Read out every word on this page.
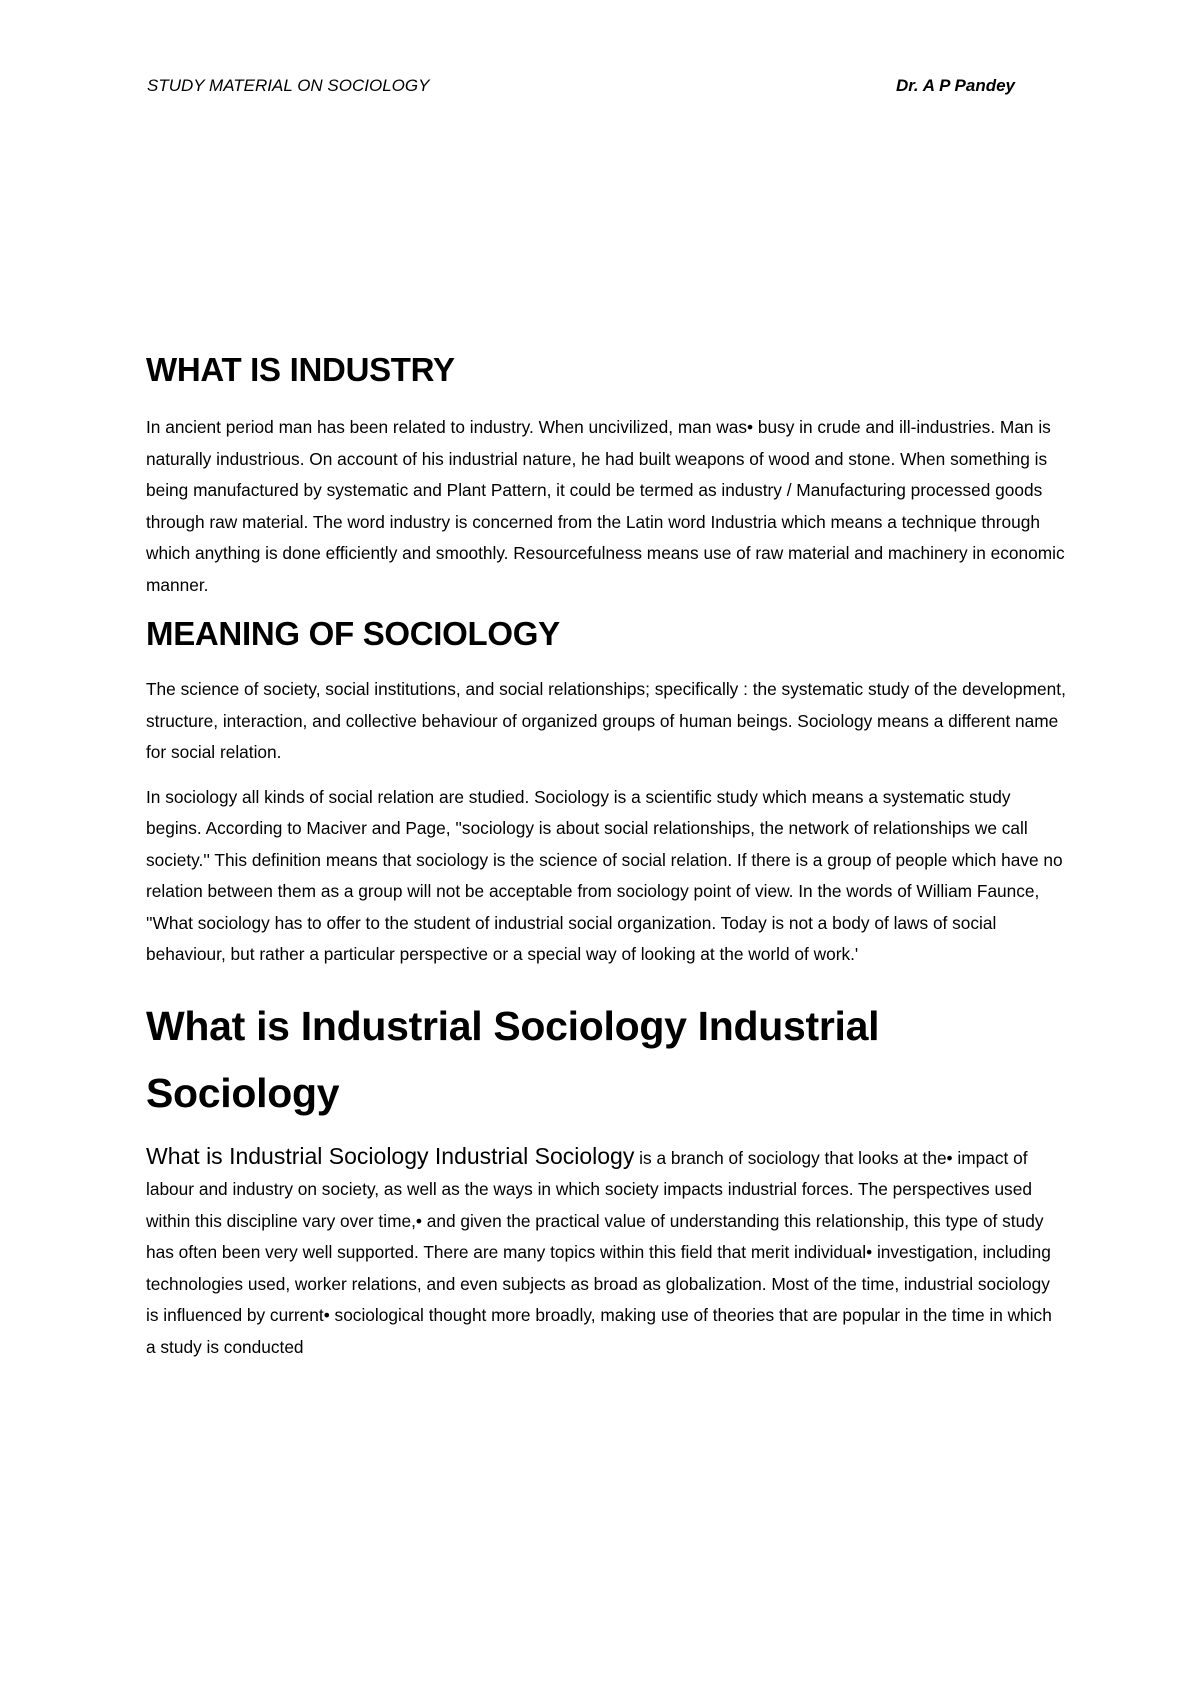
STUDY MATERIAL ON SOCIOLOGY	Dr. A P Pandey
WHAT IS INDUSTRY

In ancient period man has been related to industry. When uncivilized, man was• busy in crude and ill-industries. Man is naturally industrious. On account of his industrial nature, he had built weapons of wood and stone. When something is being manufactured by systematic and Plant Pattern, it could be termed as industry / Manufacturing processed goods through raw material. The word industry is concerned from the Latin word Industria which means a technique through which anything is done efficiently and smoothly. Resourcefulness means use of raw material and machinery in economic manner.

MEANING OF SOCIOLOGY

The science of society, social institutions, and social relationships; specifically : the systematic study of the development, structure, interaction, and collective behaviour of organized groups of human beings. Sociology means a different name for social relation.

In sociology all kinds of social relation are studied. Sociology is a scientific study which means a systematic study begins. According to Maciver and Page, ''sociology is about social relationships, the network of relationships we call society.'' This definition means that sociology is the science of social relation. If there is a group of people which have no relation between them as a group will not be acceptable from sociology point of view. In the words of William Faunce, ''What sociology has to offer to the student of industrial social organization. Today is not a body of laws of social behaviour, but rather a particular perspective or a special way of looking at the world of work.'

What is Industrial Sociology Industrial Sociology

What is Industrial Sociology Industrial Sociology is a branch of sociology that looks at the• impact of labour and industry on society, as well as the ways in which society impacts industrial forces. The perspectives used within this discipline vary over time,• and given the practical value of understanding this relationship, this type of study has often been very well supported. There are many topics within this field that merit individual• investigation, including technologies used, worker relations, and even subjects as broad as globalization. Most of the time, industrial sociology is influenced by current• sociological thought more broadly, making use of theories that are popular in the time in which a study is conducted
